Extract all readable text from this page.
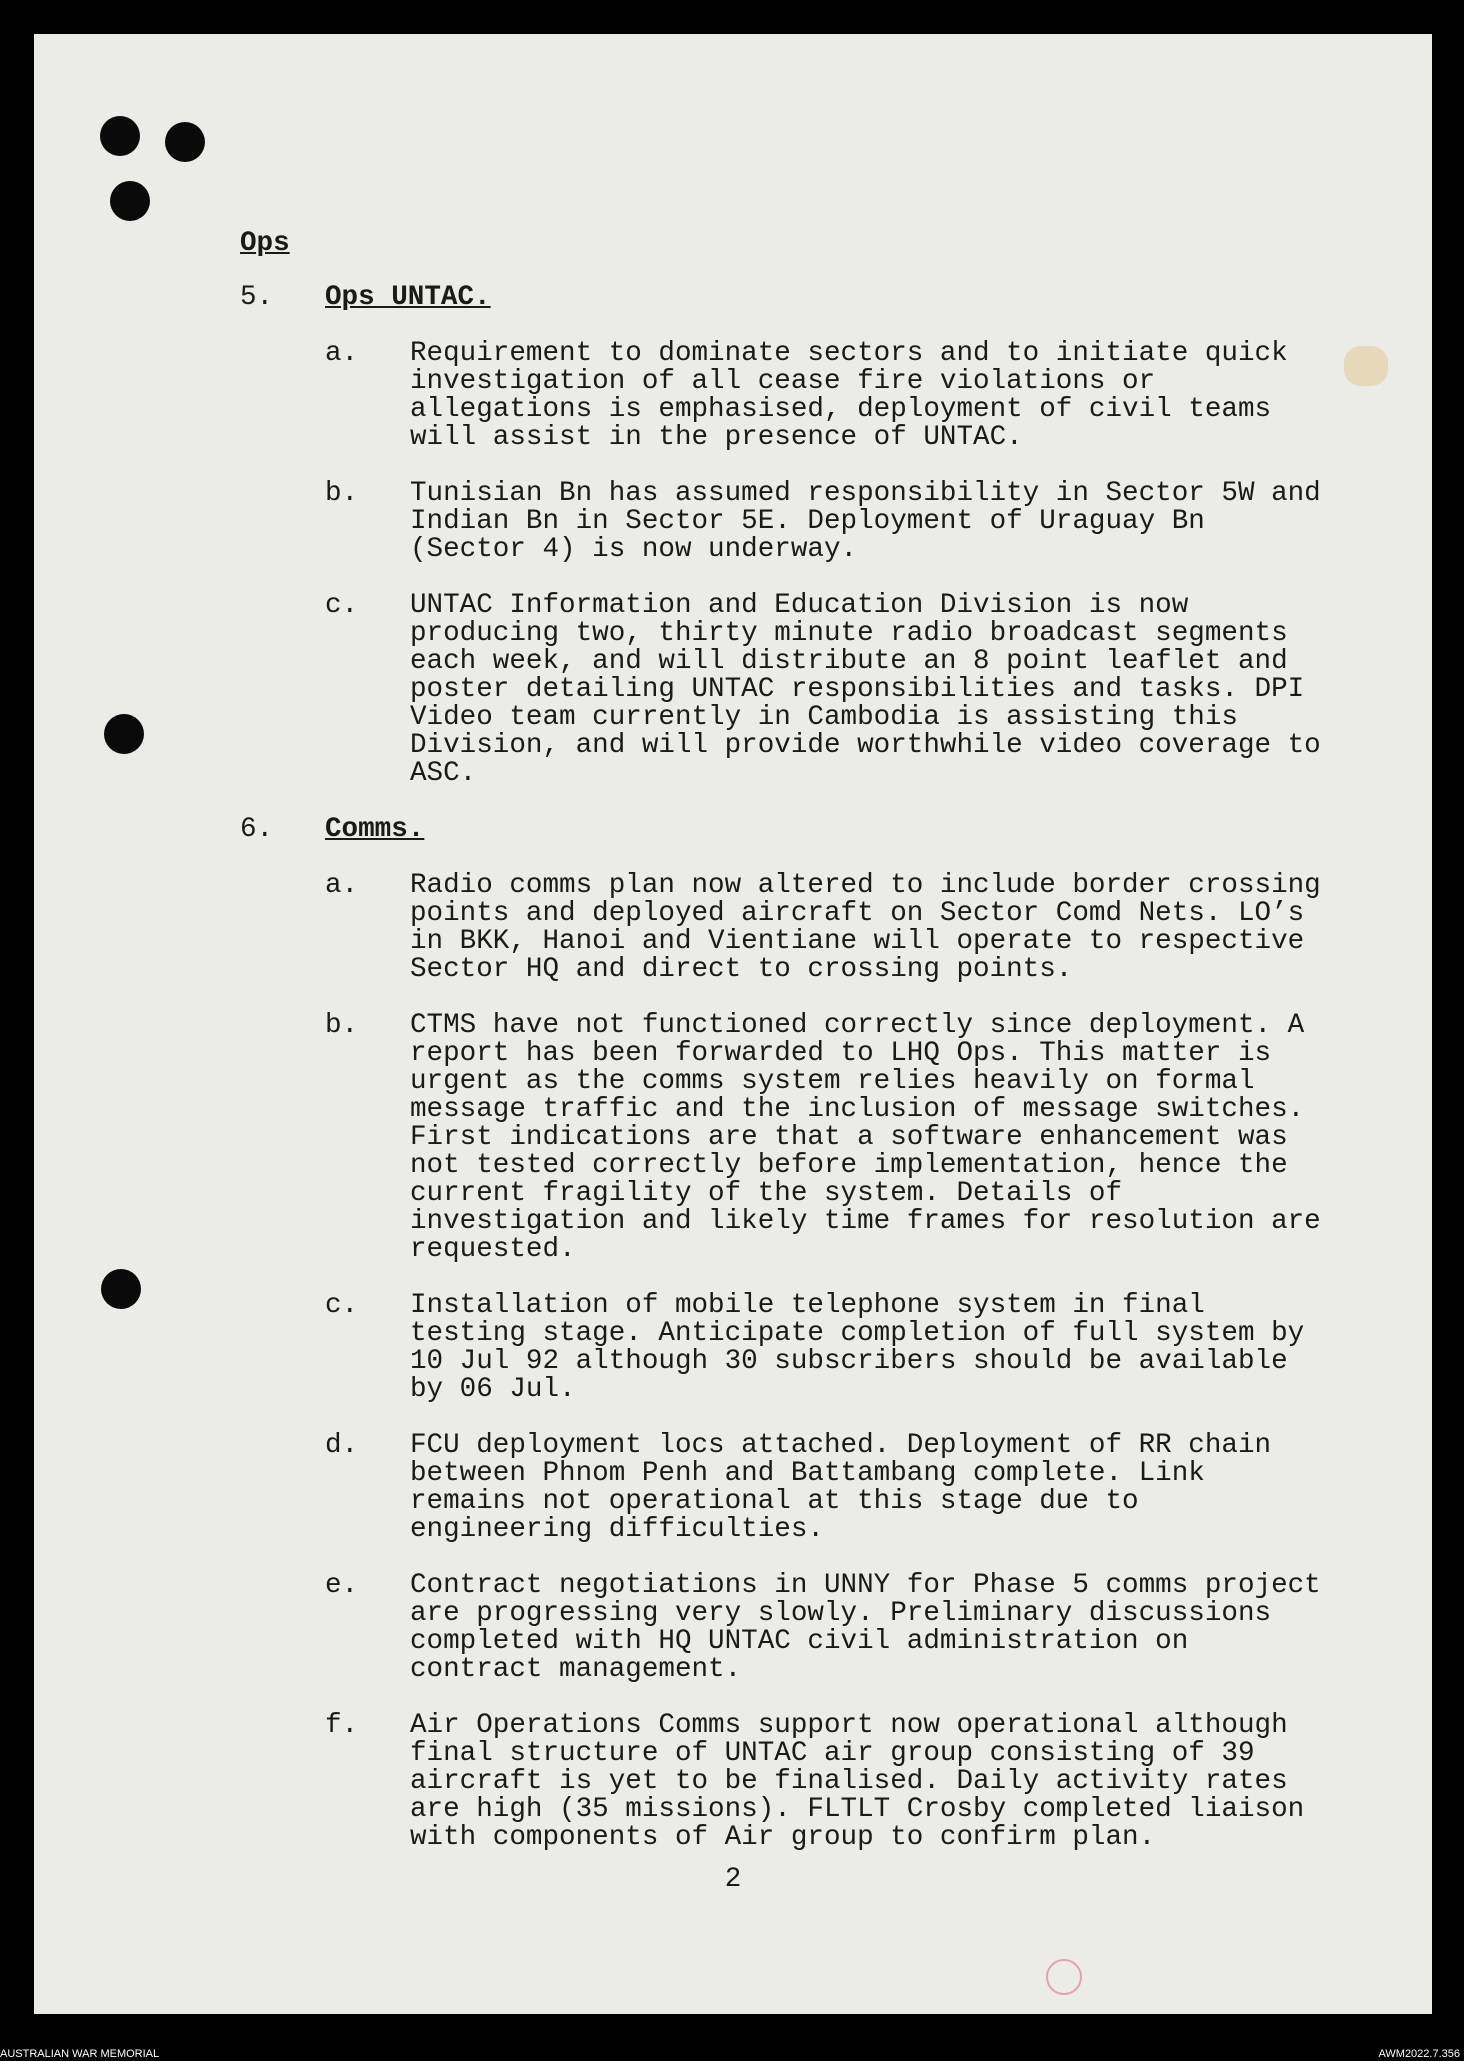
Ops
5.	Ops UNTAC.
a.	Requirement to dominate sectors and to initiate quick
investigation of all cease fire violations or
allegations is emphasised, deployment of civil teams
will assist in the presence of UNTAC.
b.	Tunisian Bn has assumed responsibility in Sector 5W and
Indian Bn in Sector 5E. Deployment of Uraguay Bn
(Sector 4) is now underway.
c.	UNTAC Information and Education Division is now
producing two, thirty minute radio broadcast segments
each week, and will distribute an 8 point leaflet and
poster detailing UNTAC responsibilities and tasks. DPI
Video team currently in Cambodia is assisting this
Division, and will provide worthwhile video coverage to
ASC.
6.	Comms.
a.	Radio comms plan now altered to include border crossing
points and deployed aircraft on Sector Comd Nets. LO’s
in BKK, Hanoi and Vientiane will operate to respective
Sector HQ and direct to crossing points.
b.	CTMS have not functioned correctly since deployment. A
report has been forwarded to LHQ Ops. This matter is
urgent as the comms system relies heavily on formal
message traffic and the inclusion of message switches.
First indications are that a software enhancement was
not tested correctly before implementation, hence the
current fragility of the system. Details of
investigation and likely time frames for resolution are
requested.
c.	Installation of mobile telephone system in final
testing stage. Anticipate completion of full system by
10 Jul 92 although 30 subscribers should be available
by 06 Jul.
d.	FCU deployment locs attached. Deployment of RR chain
between Phnom Penh and Battambang complete. Link
remains not operational at this stage due to
engineering difficulties.
e.	Contract negotiations in UNNY for Phase 5 comms project
are progressing very slowly. Preliminary discussions
completed with HQ UNTAC civil administration on
contract management.
f.	Air Operations Comms support now operational although
final structure of UNTAC air group consisting of 39
aircraft is yet to be finalised. Daily activity rates
are high (35 missions). FLTLT Crosby completed liaison
with components of Air group to confirm plan.
2
AUSTRALIAN WAR MEMORIAL	AWM2022.7.356
